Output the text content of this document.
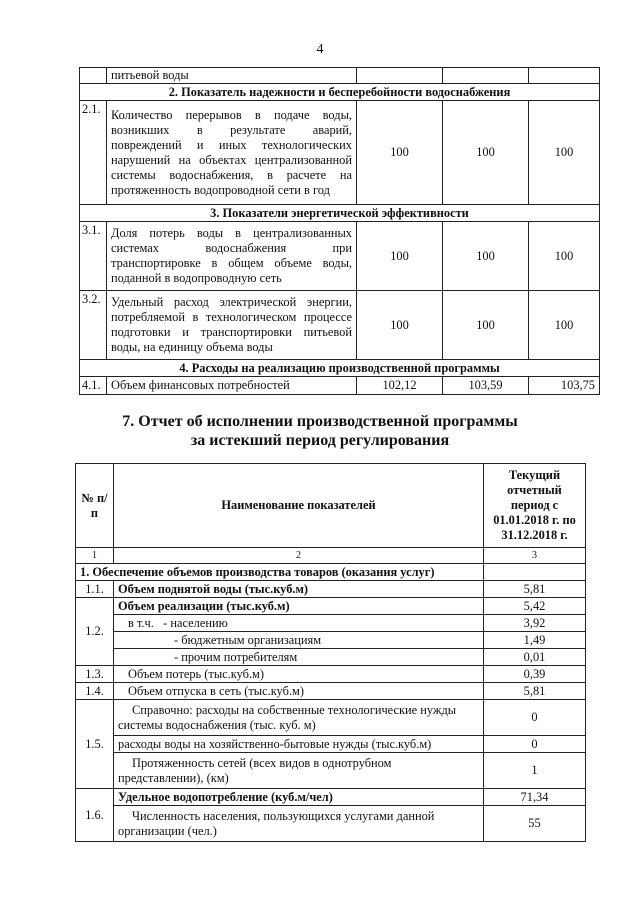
4
	питьевой воды			
2. Показатель надежности и бесперебойности водоснабжения				
2.1.	Количество перерывов в подаче воды, возникших в результате аварий, повреждений и иных технологических нарушений на объектах централизованной системы водоснабжения, в расчете на протяженность водопроводной сети в год	100	100	100
3. Показатели энергетической эффективности				
3.1.	Доля потерь воды в централизованных системах водоснабжения при транспортировке в общем объеме воды, поданной в водопроводную сеть	100	100	100
3.2.	Удельный расход электрической энергии, потребляемой в технологическом процессе подготовки и транспортировки питьевой воды, на единицу объема воды	100	100	100
4. Расходы на реализацию производственной программы				
4.1.	Объем финансовых потребностей	102,12	103,59	103,75
7. Отчет об исполнении производственной программы
за истекший период регулирования
№ п/п	Наименование показателей	Текущий отчетный период с 01.01.2018 г. по 31.12.2018 г.
1	2	3
1. Обеспечение объемов производства товаров (оказания услуг)		
1.1.	Объем поднятой воды (тыс.куб.м)	5,81
1.2.	Объем реализации (тыс.куб.м)	5,42
	в т.ч. - населению	3,92
	- бюджетным организациям	1,49
	- прочим потребителям	0,01
1.3.	Объем потерь (тыс.куб.м)	0,39
1.4.	Объем отпуска в сеть (тыс.куб.м)	5,81
1.5.	Справочно: расходы на собственные технологические нужды системы водоснабжения (тыс. куб. м)	0
	расходы воды на хозяйственно-бытовые нужды (тыс.куб.м)	0
	Протяженность сетей (всех видов в однотрубном представлении), (км)	1
1.6.	Удельное водопотребление (куб.м/чел)	71,34
	Численность населения, пользующихся услугами данной организации (чел.)	55
